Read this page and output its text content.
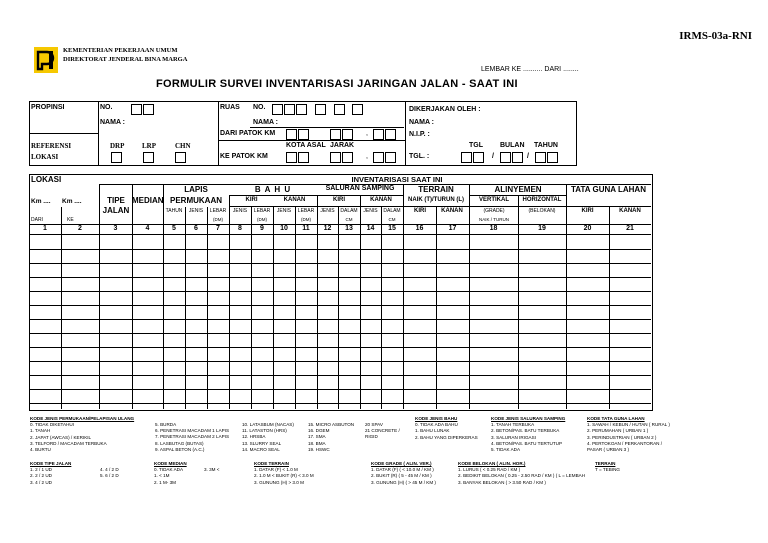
IRMS-03a-RNI
KEMENTERIAN PEKERJAAN UMUM
DIREKTORAT JENDERAL BINA MARGA
LEMBAR KE .......... DARI ........
FORMULIR SURVEI INVENTARISASI JARINGAN JALAN - SAAT INI
PROPINSI	NO.
NAMA :
REFERENSI
LOKASI
DRP	LRP	CHN
RUAS NO.
NAMA :
DARI PATOK KM	,
KOTA ASAL JARAK
KE PATOK KM	,
DIKERJAKAN OLEH :
NAMA :
N.I.P. :
TGL BULAN TAHUN
TGL. :	/	/
LOKASI	INVENTARISASI SAAT INI
Km .... Km ....
DARI	KE
TIPE
JALAN
MEDIAN
LAPIS
PERMUKAAN
B A H U	SALURAN SAMPING	TERRAIN	ALINYEMEN	TATA GUNA LAHAN
KIRI	KANAN	KIRI	KANAN	NAIK (T)/TURUN (L)	VERTIKAL	HORIZONTAL
TAHUN	JENIS	LEBAR	JENIS	LEBAR	JENIS	LEBAR	JENIS	DALAM	JENIS	DALAM	KIRI	KANAN	(GRADE)	(BELOKAN)	KIRI	KANAN
(DM)	(DM)	(DM)	CM	CM	NAIK / TURUN
1	2	3	4	5	6	7	8	9	10	11	12	13	14	15	16	17	18	19	20	21
KODE JENIS PERMUKAAN/PELAPISAN ULANG
0. TIDAK DIKETAHUI
1. TANAH
2. JAPAT (AWCAS) / KERIKIL
3. TELFORD / MACADAM TERBUKA
4. BURTU
5. BURDA
6. PENETRASI MACADAM 1 LAPIS
7. PENETRASI MACADAM 2 LAPIS
8. LASBUTAG (BUTAS)
9. ASPAL BETON (A.C.)
10. LATASBUM (NACAS)
11. LATASTON (HRS)
12. HRSBA
13. SLURRY SEAL
14. MACRO SEAL
15. MICRO ASBUTON
16. DGEM
17. SMA
18. BMA
19. HSWC
20 SPAV
21 CONCRETE /
RIGID
KODE JENIS BAHU
0. TIDAK ADA BAHU
1. BAHU LUNAK
2. BAHU YANG DIPERKERAS
KODE JENIS SALURAN SAMPING
1. TANAH TERBUKA
2. BETON/PAS. BATU TERBUKA
3. SALURAN IRIGASI
4. BETON/PAS. BATU TERTUTUP
5. TIDAK ADA
KODE TATA GUNA LAHAN
1. SAWAH / KEBUN / HUTAN ( RURAL )
2. PERUMAHAN ( URBAN 1 )
3. PERINDUSTRIAN ( URBAN 2 )
4. PERTOKOAN / PERKANTORAN /
PASAR ( URBAN 3 )
KODE TIPE JALAN
1. 2 / 1 UD
2. 2 / 2 UD
3. 4 / 2 UD
4. 4 / 2 D
5. 6 / 2 D
KODE MEDIAN
0. TIDAK ADA
1. < 1M
2. 1 M- 3M
3. 3M <
KODE TERRAIN
1. DATAR (F) < 1.0 M
2. 1.0 M < BUKIT (R) < 3.0 M
3. GUNUNG (H) > 3.0 M
KODE GRADE ( ALIN. VER.)
1. DATAR (F) ( < 10.0 M / KM )
2. BUKIT (R) ( 5 - 45 M / KM )
3. GUNUNG (H) ( > 45 M / KM )
KODE BELOKAN ( ALIN. HOR.)
1. LURUS ( < 0.25 RAD / KM )
2. BEDIKIT BELOKAN ( 0.25 - 2.50 RAD / KM ) ( L = LEMBAH
3. BANYAK BELOKAN ( > 3.50 RAD / KM )
TERRAIN
T = TEBING
